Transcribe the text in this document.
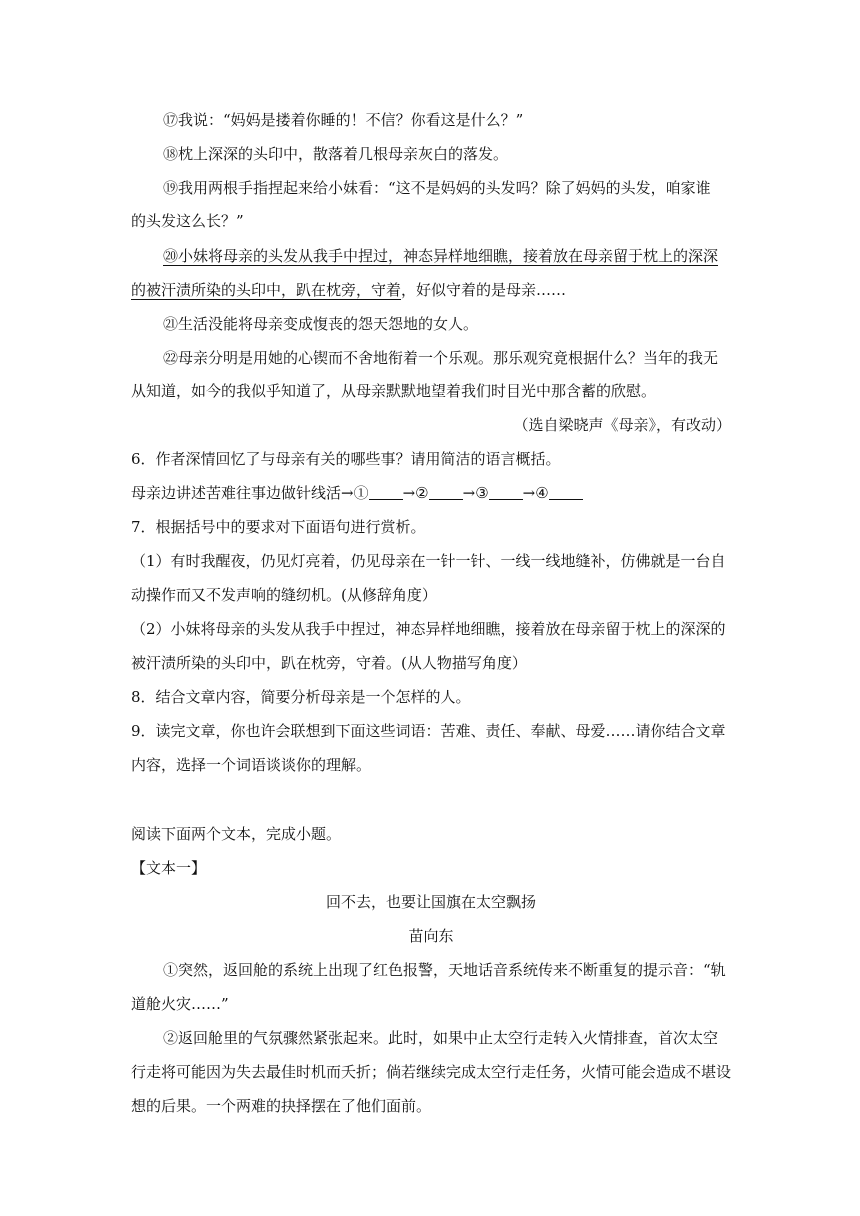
⑰我说：“妈妈是搂着你睡的！不信？你看这是什么？”

⑱枕上深深的头印中，散落着几根母亲灰白的落发。

⑲我用两根手指捏起来给小妹看：“这不是妈妈的头发吗？除了妈妈的头发，咱家谁

的头发这么长？”

⑳小妹将母亲的头发从我手中捏过，神态异样地细瞧，接着放在母亲留于枕上的深深

的被汗渍所染的头印中，趴在枕旁，守着，好似守着的是母亲……

㉑生活没能将母亲变成愎丧的怨天怨地的女人。

㉒母亲分明是用她的心锲而不舍地衔着一个乐观。那乐观究竟根据什么？当年的我无

从知道，如今的我似乎知道了，从母亲默默地望着我们时目光中那含蓄的欣慰。

（选自梁晓声《母亲》，有改动）

6．作者深情回忆了与母亲有关的哪些事？请用简洁的语言概括。

母亲边讲述苦难往事边做针线活→① →② →③ →④

7．根据括号中的要求对下面语句进行赏析。

（1）有时我醒夜，仍见灯亮着，仍见母亲在一针一针、一线一线地缝补，仿佛就是一台自

动操作而又不发声响的缝纫机。(从修辞角度）

（2）小妹将母亲的头发从我手中捏过，神态异样地细瞧，接着放在母亲留于枕上的深深的

被汗渍所染的头印中，趴在枕旁，守着。(从人物描写角度）

8．结合文章内容，简要分析母亲是一个怎样的人。

9．读完文章，你也许会联想到下面这些词语：苦难、责任、奉献、母爱……请你结合文章

内容，选择一个词语谈谈你的理解。

阅读下面两个文本，完成小题。

【文本一】

回不去，也要让国旗在太空飘扬

苗向东

①突然，返回舱的系统上出现了红色报警，天地话音系统传来不断重复的提示音：“轨

道舱火灾……”

②返回舱里的气氛骤然紧张起来。此时，如果中止太空行走转入火情排查，首次太空

行走将可能因为失去最佳时机而夭折；倘若继续完成太空行走任务，火情可能会造成不堪设

想的后果。一个两难的抉择摆在了他们面前。
